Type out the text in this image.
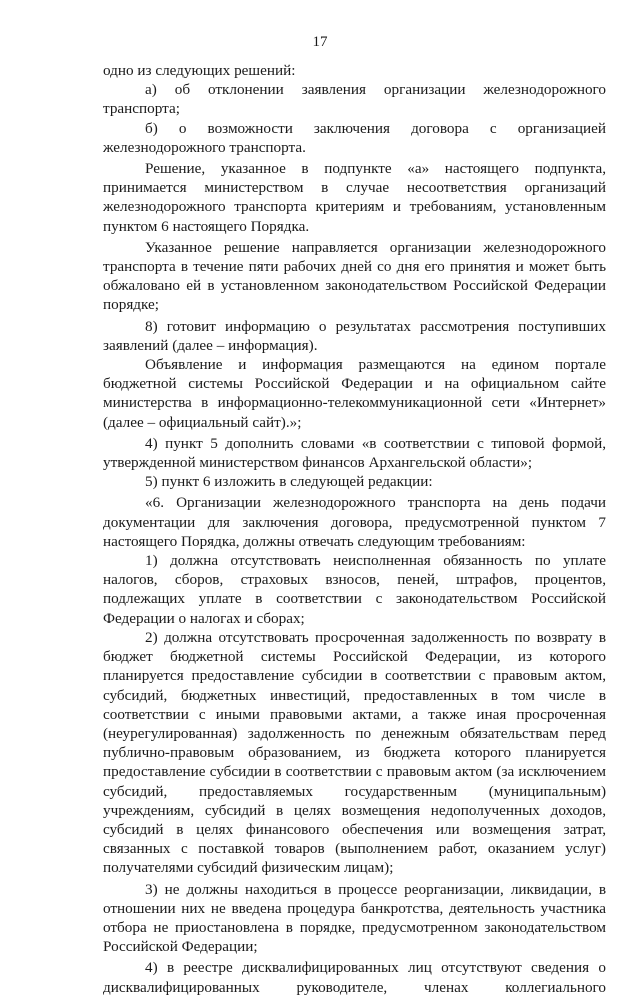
17

одно из следующих решений:

а) об отклонении заявления организации железнодорожного транспорта;

б) о возможности заключения договора с организацией железнодорожного транспорта.

Решение, указанное в подпункте «а» настоящего подпункта, принимается министерством в случае несоответствия организаций железнодорожного транспорта критериям и требованиям, установленным пунктом 6 настоящего Порядка.

Указанное решение направляется организации железнодорожного транспорта в течение пяти рабочих дней со дня его принятия и может быть обжаловано ей в установленном законодательством Российской Федерации порядке;

8) готовит информацию о результатах рассмотрения поступивших заявлений (далее – информация).

Объявление и информация размещаются на едином портале бюджетной системы Российской Федерации и на официальном сайте министерства в информационно-телекоммуникационной сети «Интернет» (далее – официальный сайт).»;

4) пункт 5 дополнить словами «в соответствии с типовой формой, утвержденной министерством финансов Архангельской области»;

5) пункт 6 изложить в следующей редакции:

«6. Организации железнодорожного транспорта на день подачи документации для заключения договора, предусмотренной пунктом 7 настоящего Порядка, должны отвечать следующим требованиям:

1) должна отсутствовать неисполненная обязанность по уплате налогов, сборов, страховых взносов, пеней, штрафов, процентов, подлежащих уплате в соответствии с законодательством Российской Федерации о налогах и сборах;

2) должна отсутствовать просроченная задолженность по возврату в бюджет бюджетной системы Российской Федерации, из которого планируется предоставление субсидии в соответствии с правовым актом, субсидий, бюджетных инвестиций, предоставленных в том числе в соответствии с иными правовыми актами, а также иная просроченная (неурегулированная) задолженность по денежным обязательствам перед публично-правовым образованием, из бюджета которого планируется предоставление субсидии в соответствии с правовым актом (за исключением субсидий, предоставляемых государственным (муниципальным) учреждениям, субсидий в целях возмещения недополученных доходов, субсидий в целях финансового обеспечения или возмещения затрат, связанных с поставкой товаров (выполнением работ, оказанием услуг) получателями субсидий физическим лицам);

3) не должны находиться в процессе реорганизации, ликвидации, в отношении них не введена процедура банкротства, деятельность участника отбора не приостановлена в порядке, предусмотренном законодательством Российской Федерации;

4) в реестре дисквалифицированных лиц отсутствуют сведения о дисквалифицированных руководителе, членах коллегиального
